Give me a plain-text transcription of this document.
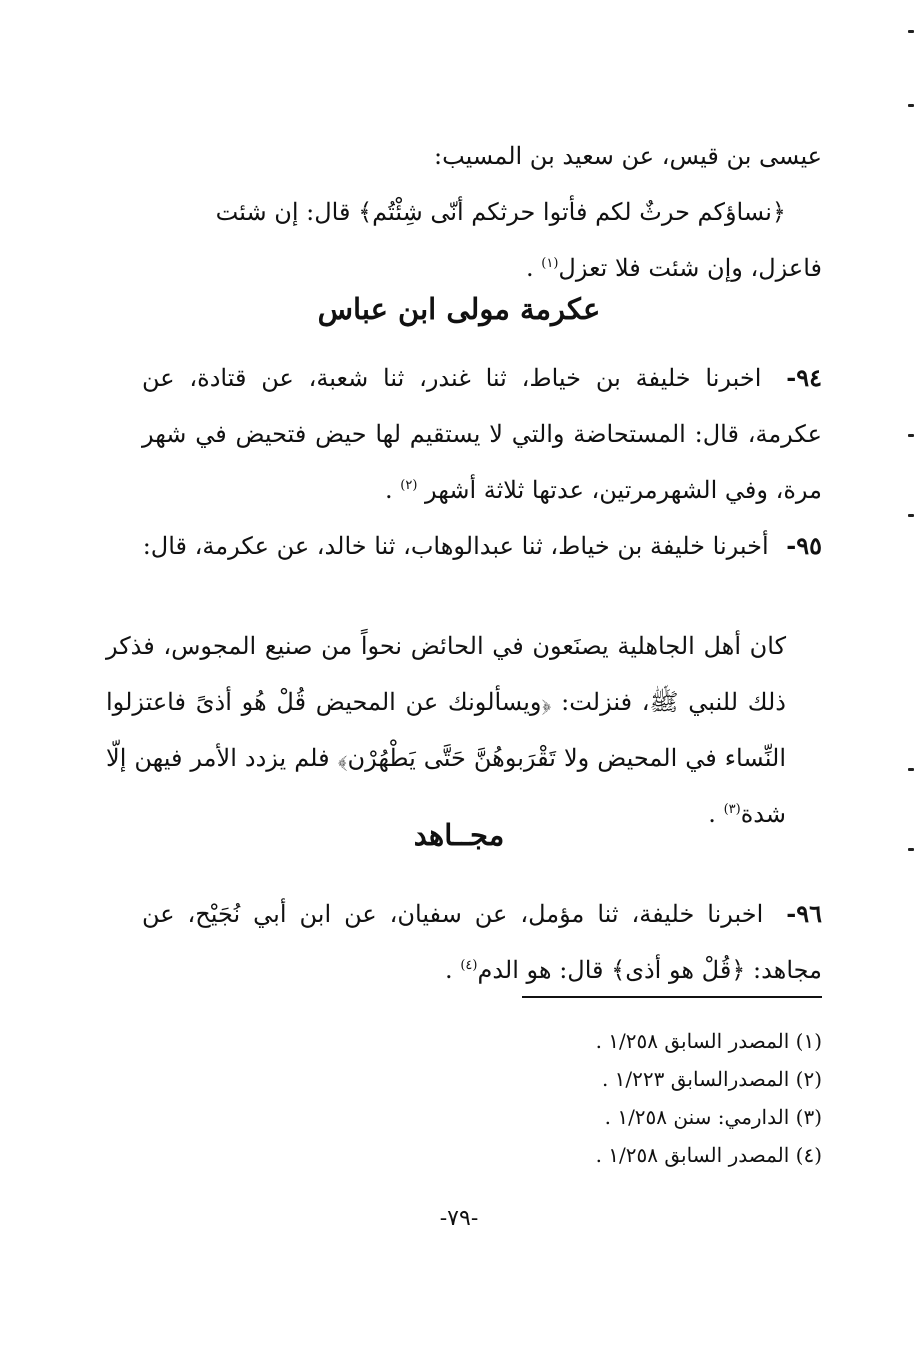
عيسى بن قيس، عن سعيد بن المسيب:
﴿نساؤكم حرثٌ لكم فأتوا حرثكم أنّى شِئْتُم﴾ قال: إن شئت
فاعزل، وإن شئت فلا تعزل$^{(١)}$ .
عكرمة مولى ابن عباس
٩٤- اخبرنا خليفة بن خياط، ثنا غندر، ثنا شعبة، عن قتادة، عن عكرمة، قال: المستحاضة والتي لا يستقيم لها حيض فتحيض في شهر مرة، وفي الشهرمرتين، عدتها ثلاثة أشهر $^{(٢)}$ .
٩٥- أخبرنا خليفة بن خياط، ثنا عبدالوهاب، ثنا خالد، عن عكرمة، قال:
كان أهل الجاهلية يصنَعون في الحائض نحواً من صنيع المجوس، فذكر ذلك للنبي ﷺ، فنزلت: ﴿ويسألونك عن المحيض قُلْ هُو أذىً فاعتزلوا النِّساء في المحيض ولا تَقْرَبوهُنَّ حَتَّى يَطْهُرْن﴾ فلم يزدد الأمر فيهن إلّا شدة$^{(٣)}$ .
مجــاهد
٩٦- اخبرنا خليفة، ثنا مؤمل، عن سفيان، عن ابن أبي نُجَيْح، عن مجاهد: ﴿قُلْ هو أذى﴾ قال: هو الدم$^{(٤)}$ .
(١) المصدر السابق ١/٢٥٨ .
(٢) المصدرالسابق ١/٢٢٣ .
(٣) الدارمي: سنن ١/٢٥٨ .
(٤) المصدر السابق ١/٢٥٨ .
-٧٩-
